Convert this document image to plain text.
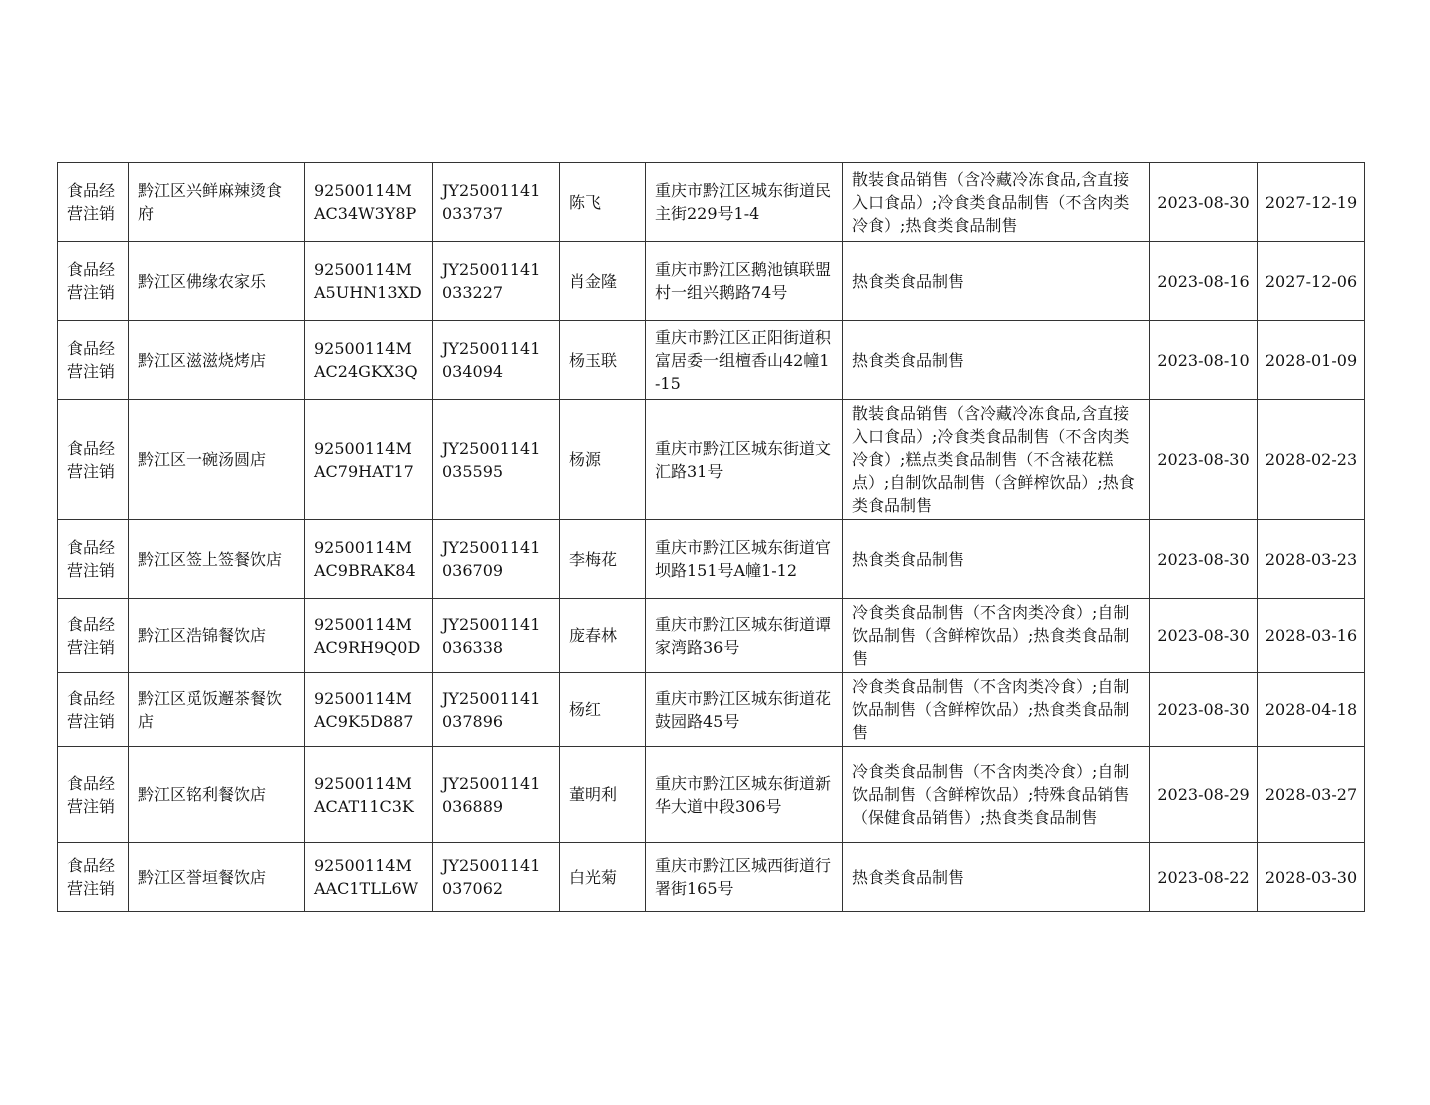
食品经营注销	黔江区兴鲜麻辣烫食府	92500114MAC34W3Y8P	JY25001141033737	陈飞	重庆市黔江区城东街道民主街229号1-4	散装食品销售（含冷藏冷冻食品,含直接入口食品）;冷食类食品制售（不含肉类冷食）;热食类食品制售	2023-08-30	2027-12-19
食品经营注销	黔江区佛缘农家乐	92500114MA5UHN13XD	JY25001141033227	肖金隆	重庆市黔江区鹅池镇联盟村一组兴鹅路74号	热食类食品制售	2023-08-16	2027-12-06
食品经营注销	黔江区滋滋烧烤店	92500114MAC24GKX3Q	JY25001141034094	杨玉联	重庆市黔江区正阳街道积富居委一组檀香山42幢1-15	热食类食品制售	2023-08-10	2028-01-09
食品经营注销	黔江区一碗汤圆店	92500114MAC79HAT17	JY25001141035595	杨源	重庆市黔江区城东街道文汇路31号	散装食品销售（含冷藏冷冻食品,含直接入口食品）;冷食类食品制售（不含肉类冷食）;糕点类食品制售（不含裱花糕点）;自制饮品制售（含鲜榨饮品）;热食类食品制售	2023-08-30	2028-02-23
食品经营注销	黔江区签上签餐饮店	92500114MAC9BRAK84	JY25001141036709	李梅花	重庆市黔江区城东街道官坝路151号A幢1-12	热食类食品制售	2023-08-30	2028-03-23
食品经营注销	黔江区浩锦餐饮店	92500114MAC9RH9Q0D	JY25001141036338	庞春林	重庆市黔江区城东街道谭家湾路36号	冷食类食品制售（不含肉类冷食）;自制饮品制售（含鲜榨饮品）;热食类食品制售	2023-08-30	2028-03-16
食品经营注销	黔江区觅饭邂茶餐饮店	92500114MAC9K5D887	JY25001141037896	杨红	重庆市黔江区城东街道花鼓园路45号	冷食类食品制售（不含肉类冷食）;自制饮品制售（含鲜榨饮品）;热食类食品制售	2023-08-30	2028-04-18
食品经营注销	黔江区铭利餐饮店	92500114MACAT11C3K	JY25001141036889	董明利	重庆市黔江区城东街道新华大道中段306号	冷食类食品制售（不含肉类冷食）;自制饮品制售（含鲜榨饮品）;特殊食品销售（保健食品销售）;热食类食品制售	2023-08-29	2028-03-27
食品经营注销	黔江区誉垣餐饮店	92500114MAAC1TLL6W	JY25001141037062	白光菊	重庆市黔江区城西街道行署街165号	热食类食品制售	2023-08-22	2028-03-30
